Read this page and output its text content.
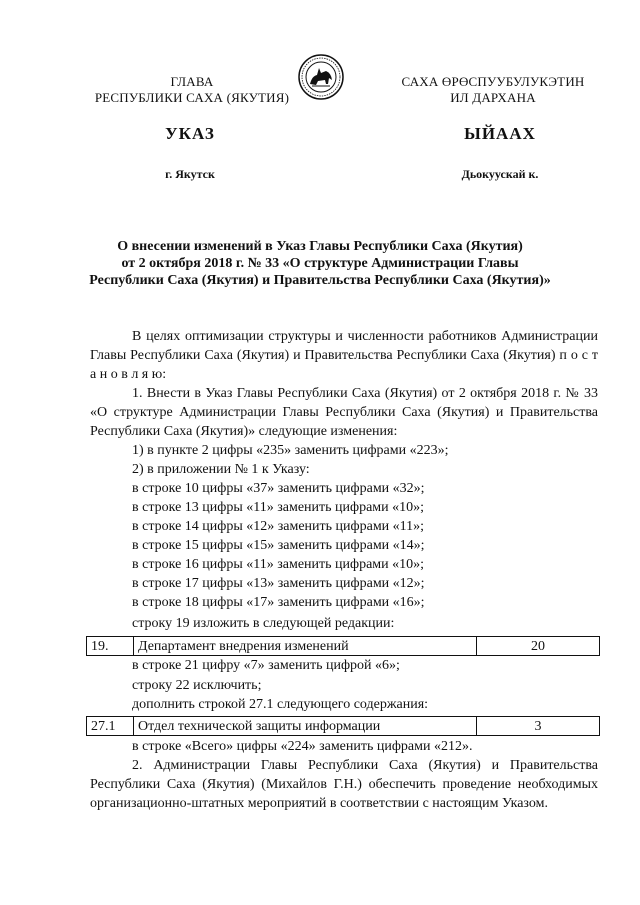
ГЛАВА
РЕСПУБЛИКИ САХА (ЯКУТИЯ)
САХА ӨРӨСПУУБУЛУКЭТИН
ИЛ ДАРХАНА
УКАЗ	ЫЙААХ
г. Якутск	Дьокуускай к.
О внесении изменений в Указ Главы Республики Саха (Якутия)
от 2 октября 2018 г. № 33 «О структуре Администрации Главы
Республики Саха (Якутия) и Правительства Республики Саха (Якутия)»
В целях оптимизации структуры и численности работников Администрации Главы Республики Саха (Якутия) и Правительства Республики Саха (Якутия) п о с т а н о в л я ю:
1. Внести в Указ Главы Республики Саха (Якутия) от 2 октября 2018 г. № 33 «О структуре Администрации Главы Республики Саха (Якутия) и Правительства Республики Саха (Якутия)» следующие изменения:
1) в пункте 2 цифры «235» заменить цифрами «223»;
2) в приложении № 1 к Указу:
в строке 10 цифры «37» заменить цифрами «32»;
в строке 13 цифры «11» заменить цифрами «10»;
в строке 14 цифры «12» заменить цифрами «11»;
в строке 15 цифры «15» заменить цифрами «14»;
в строке 16 цифры «11» заменить цифрами «10»;
в строке 17 цифры «13» заменить цифрами «12»;
в строке 18 цифры «17» заменить цифрами «16»;
строку 19 изложить в следующей редакции:
19.	Департамент внедрения изменений	20
в строке 21 цифру «7» заменить цифрой «6»;
строку 22 исключить;
дополнить строкой 27.1 следующего содержания:
27.1	Отдел технической защиты информации	3
в строке «Всего» цифры «224» заменить цифрами «212».
2. Администрации Главы Республики Саха (Якутия) и Правительства Республики Саха (Якутия) (Михайлов Г.Н.) обеспечить проведение необходимых организационно-штатных мероприятий в соответствии с настоящим Указом.
